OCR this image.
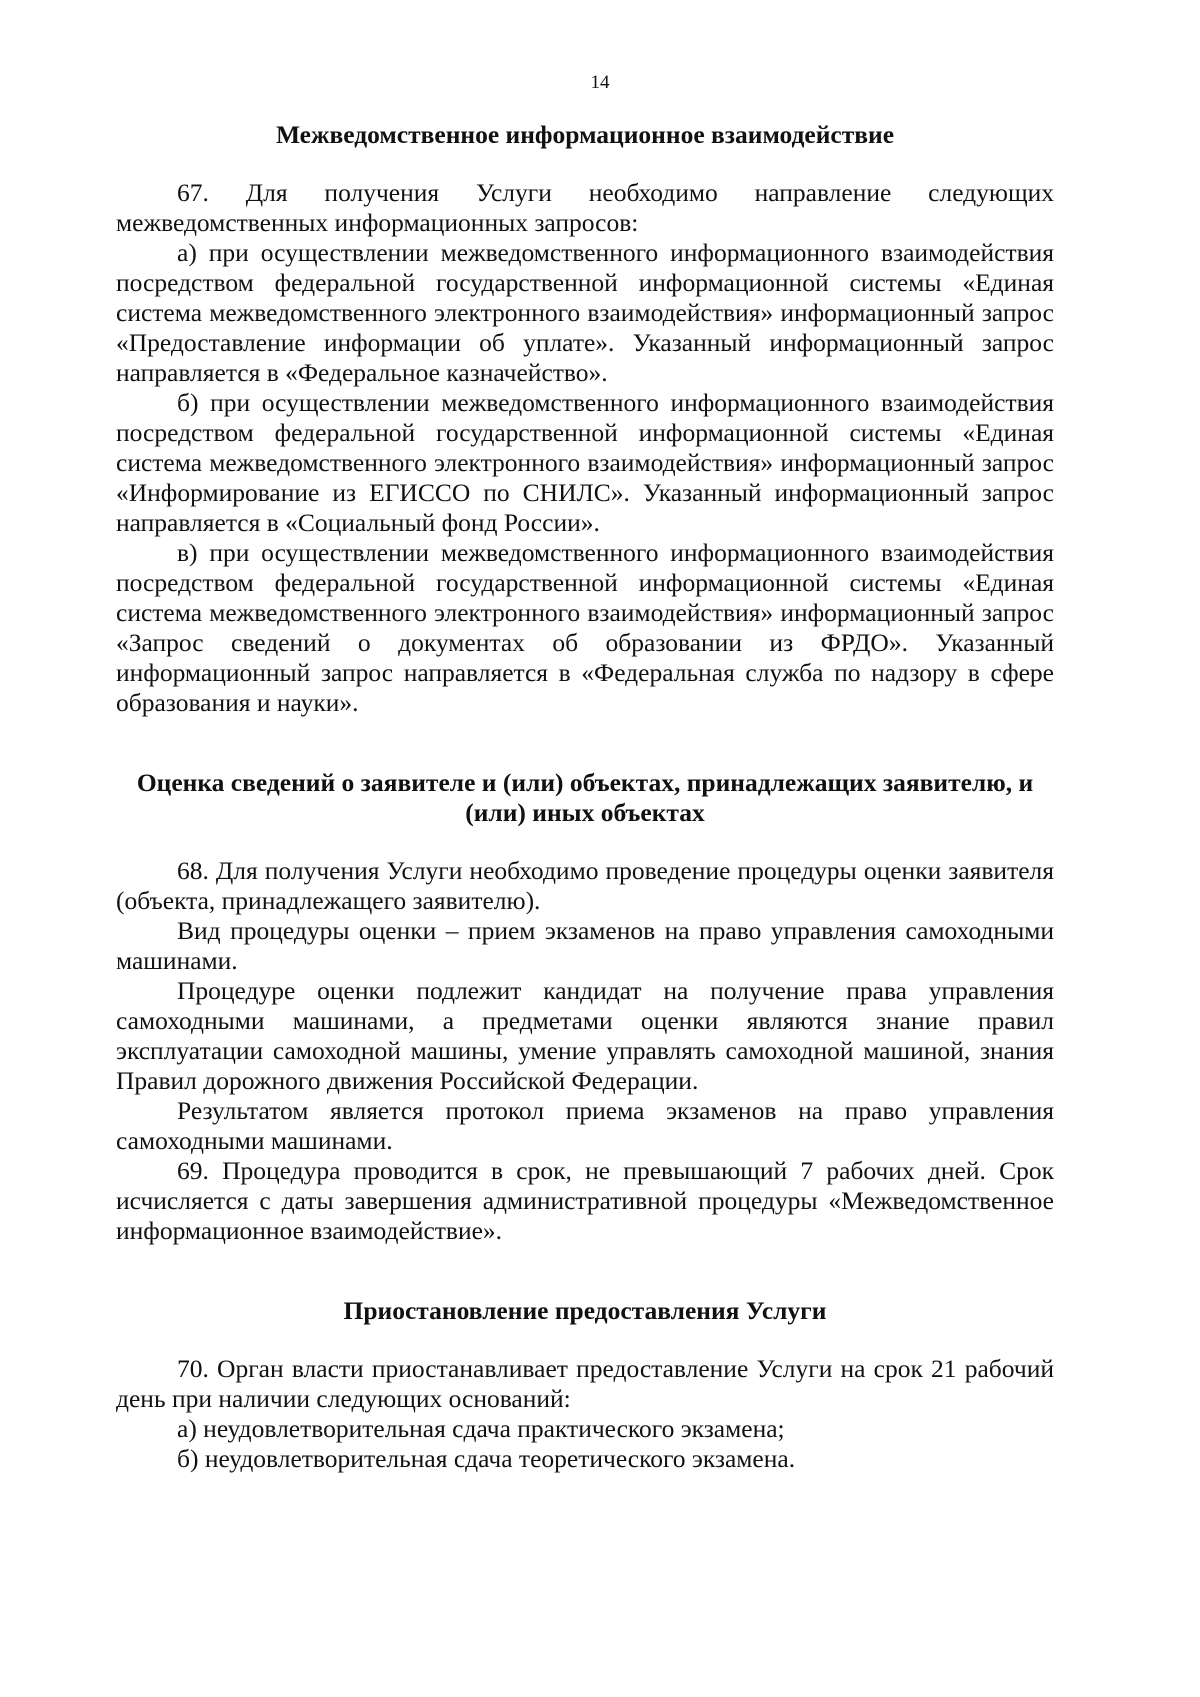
14
Межведомственное информационное взаимодействие

67. Для получения Услуги необходимо направление следующих межведомственных информационных запросов:

а) при осуществлении межведомственного информационного взаимодействия посредством федеральной государственной информационной системы «Единая система межведомственного электронного взаимодействия» информационный запрос «Предоставление информации об уплате». Указанный информационный запрос направляется в «Федеральное казначейство».

б) при осуществлении межведомственного информационного взаимодействия посредством федеральной государственной информационной системы «Единая система межведомственного электронного взаимодействия» информационный запрос «Информирование из ЕГИССО по СНИЛС». Указанный информационный запрос направляется в «Социальный фонд России».

в) при осуществлении межведомственного информационного взаимодействия посредством федеральной государственной информационной системы «Единая система межведомственного электронного взаимодействия» информационный запрос «Запрос сведений о документах об образовании из ФРДО». Указанный информационный запрос направляется в «Федеральная служба по надзору в сфере образования и науки».

Оценка сведений о заявителе и (или) объектах, принадлежащих заявителю, и (или) иных объектах

68. Для получения Услуги необходимо проведение процедуры оценки заявителя (объекта, принадлежащего заявителю).

Вид процедуры оценки – прием экзаменов на право управления самоходными машинами.

Процедуре оценки подлежит кандидат на получение права управления самоходными машинами, а предметами оценки являются знание правил эксплуатации самоходной машины, умение управлять самоходной машиной, знания Правил дорожного движения Российской Федерации.

Результатом является протокол приема экзаменов на право управления самоходными машинами.

69. Процедура проводится в срок, не превышающий 7 рабочих дней. Срок исчисляется с даты завершения административной процедуры «Межведомственное информационное взаимодействие».

Приостановление предоставления Услуги

70. Орган власти приостанавливает предоставление Услуги на срок 21 рабочий день при наличии следующих оснований:

а) неудовлетворительная сдача практического экзамена;

б) неудовлетворительная сдача теоретического экзамена.
